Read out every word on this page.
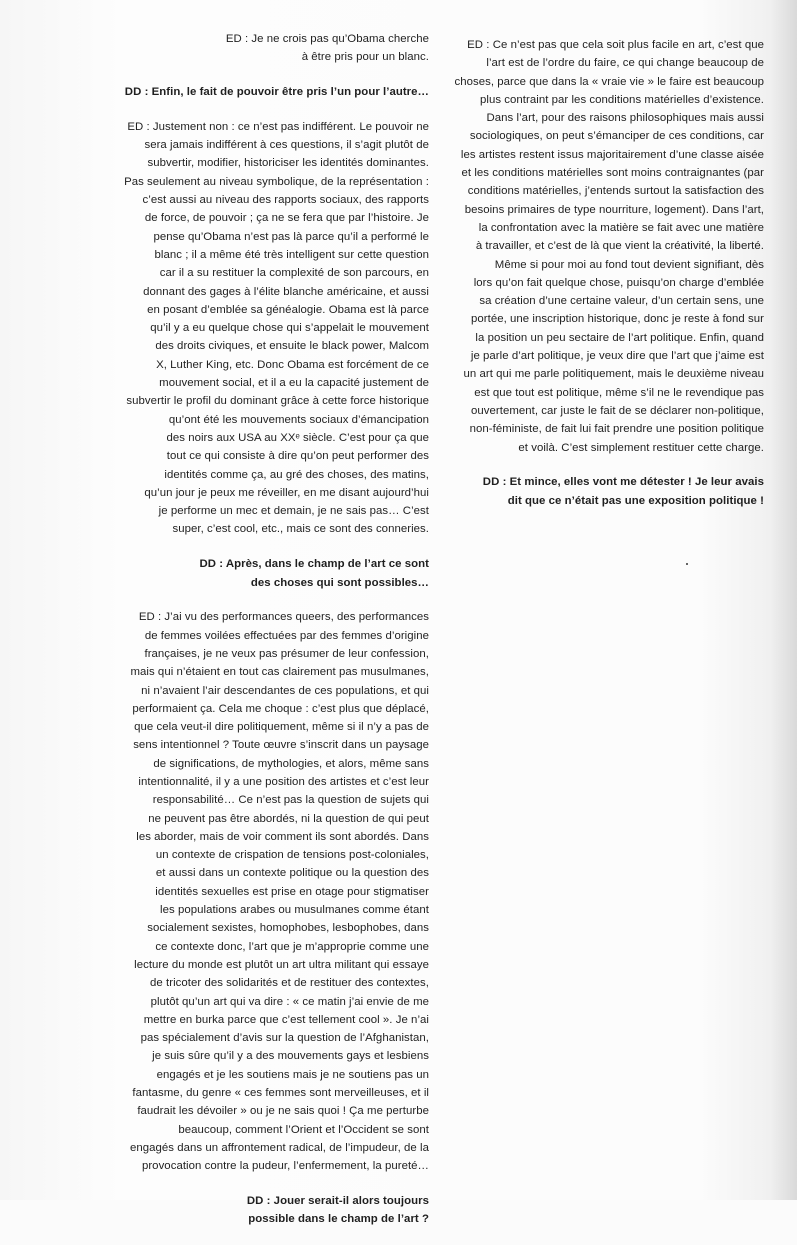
ED : Je ne crois pas qu’Obama cherche
à être pris pour un blanc.

DD : Enfin, le fait de pouvoir être pris l’un pour l’autre…

ED : Justement non : ce n’est pas indifférent. Le pouvoir ne
sera jamais indifférent à ces questions, il s’agit plutôt de
subvertir, modifier, historiciser les identités dominantes.
Pas seulement au niveau symbolique, de la représentation :
c’est aussi au niveau des rapports sociaux, des rapports
de force, de pouvoir ; ça ne se fera que par l’histoire. Je
pense qu’Obama n’est pas là parce qu’il a performé le
blanc ; il a même été très intelligent sur cette question
car il a su restituer la complexité de son parcours, en
donnant des gages à l’élite blanche américaine, et aussi
en posant d’emblée sa généalogie. Obama est là parce
qu’il y a eu quelque chose qui s’appelait le mouvement
des droits civiques, et ensuite le black power, Malcom
X, Luther King, etc. Donc Obama est forcément de ce
mouvement social, et il a eu la capacité justement de
subvertir le profil du dominant grâce à cette force historique
qu’ont été les mouvements sociaux d’émancipation
des noirs aux USA au XXᵉ siècle. C’est pour ça que
tout ce qui consiste à dire qu’on peut performer des
identités comme ça, au gré des choses, des matins,
qu’un jour je peux me réveiller, en me disant aujourd’hui
je performe un mec et demain, je ne sais pas… C’est
super, c’est cool, etc., mais ce sont des conneries.

DD : Après, dans le champ de l’art ce sont
des choses qui sont possibles…

ED : J’ai vu des performances queers, des performances
de femmes voilées effectuées par des femmes d’origine
françaises, je ne veux pas présumer de leur confession,
mais qui n’étaient en tout cas clairement pas musulmanes,
ni n’avaient l’air descendantes de ces populations, et qui
performaient ça. Cela me choque : c’est plus que déplacé,
que cela veut-il dire politiquement, même si il n’y a pas de
sens intentionnel ? Toute œuvre s’inscrit dans un paysage
de significations, de mythologies, et alors, même sans
intentionnalité, il y a une position des artistes et c’est leur
responsabilité… Ce n’est pas la question de sujets qui
ne peuvent pas être abordés, ni la question de qui peut
les aborder, mais de voir comment ils sont abordés. Dans
un contexte de crispation de tensions post-coloniales,
et aussi dans un contexte politique ou la question des
identités sexuelles est prise en otage pour stigmatiser
les populations arabes ou musulmanes comme étant
socialement sexistes, homophobes, lesbophobes, dans
ce contexte donc, l’art que je m’approprie comme une
lecture du monde est plutôt un art ultra militant qui essaye
de tricoter des solidarités et de restituer des contextes,
plutôt qu’un art qui va dire : « ce matin j’ai envie de me
mettre en burka parce que c’est tellement cool ». Je n’ai
pas spécialement d’avis sur la question de l’Afghanistan,
je suis sûre qu’il y a des mouvements gays et lesbiens
engagés et je les soutiens mais je ne soutiens pas un
fantasme, du genre « ces femmes sont merveilleuses, et il
faudrait les dévoiler » ou je ne sais quoi ! Ça me perturbe
beaucoup, comment l’Orient et l’Occident se sont
engagés dans un affrontement radical, de l’impudeur, de la
provocation contre la pudeur, l’enfermement, la pureté…

DD : Jouer serait-il alors toujours
possible dans le champ de l’art ?

ED : Ce n’est pas que cela soit plus facile en art, c’est que
l’art est de l’ordre du faire, ce qui change beaucoup de
choses, parce que dans la « vraie vie » le faire est beaucoup
plus contraint par les conditions matérielles d’existence.
Dans l’art, pour des raisons philosophiques mais aussi
sociologiques, on peut s’émanciper de ces conditions, car
les artistes restent issus majoritairement d’une classe aisée
et les conditions matérielles sont moins contraignantes (par
conditions matérielles, j’entends surtout la satisfaction des
besoins primaires de type nourriture, logement). Dans l’art,
la confrontation avec la matière se fait avec une matière
à travailler, et c’est de là que vient la créativité, la liberté.
Même si pour moi au fond tout devient signifiant, dès
lors qu’on fait quelque chose, puisqu’on charge d’emblée
sa création d’une certaine valeur, d’un certain sens, une
portée, une inscription historique, donc je reste à fond sur
la position un peu sectaire de l’art politique. Enfin, quand
je parle d’art politique, je veux dire que l’art que j’aime est
un art qui me parle politiquement, mais le deuxième niveau
est que tout est politique, même s’il ne le revendique pas
ouvertement, car juste le fait de se déclarer non-politique,
non-féministe, de fait lui fait prendre une position politique
et voilà. C’est simplement restituer cette charge.

DD : Et mince, elles vont me détester ! Je leur avais
dit que ce n’était pas une exposition politique !
